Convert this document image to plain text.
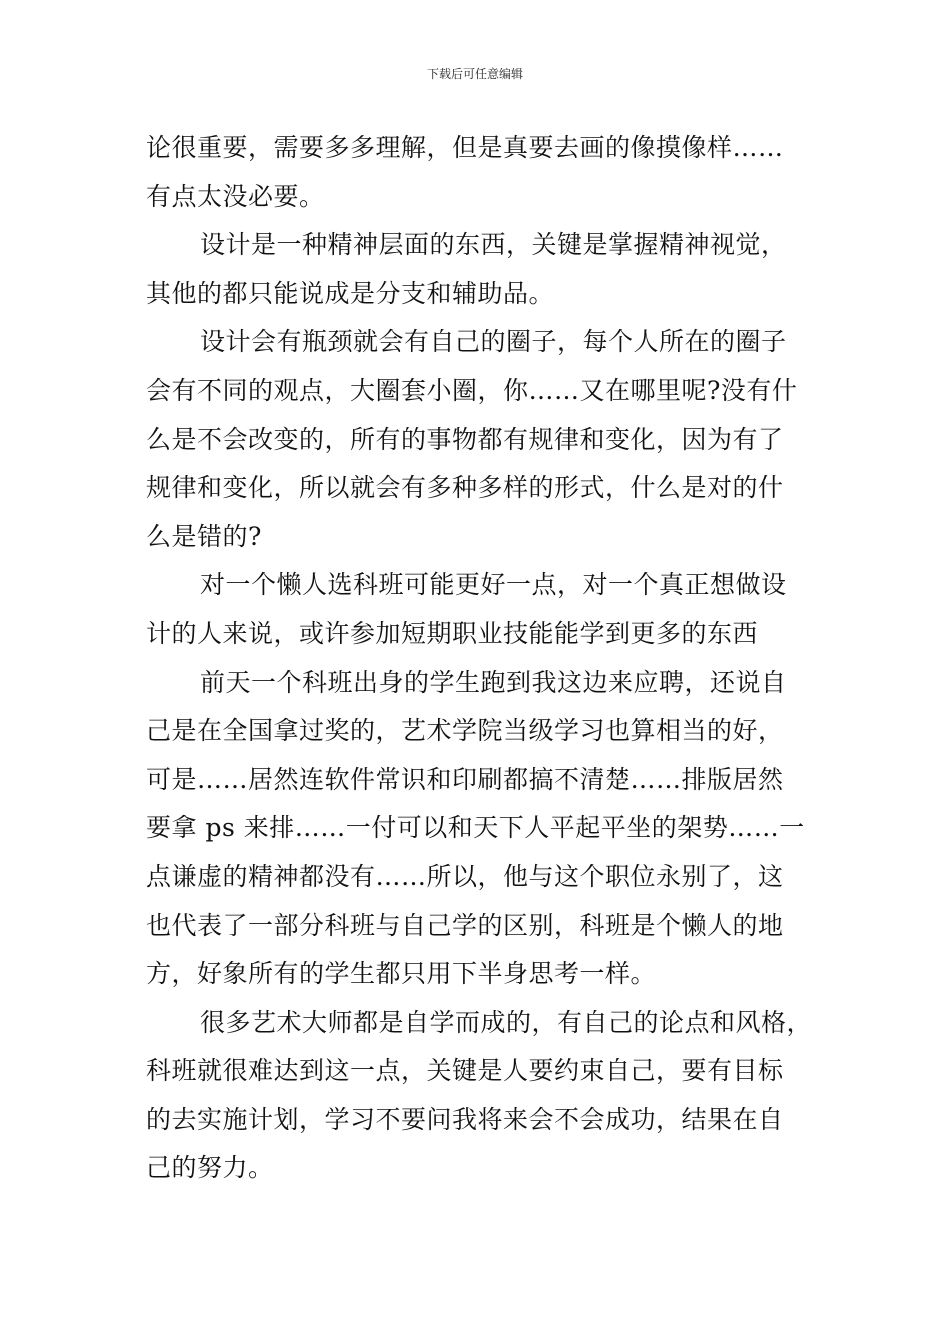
下载后可任意编辑
论很重要，需要多多理解，但是真要去画的像摸像样……
有点太没必要。
设计是一种精神层面的东西，关键是掌握精神视觉，
其他的都只能说成是分支和辅助品。
设计会有瓶颈就会有自己的圈子，每个人所在的圈子
会有不同的观点，大圈套小圈，你……又在哪里呢?没有什
么是不会改变的，所有的事物都有规律和变化，因为有了
规律和变化，所以就会有多种多样的形式，什么是对的什
么是错的?
对一个懒人选科班可能更好一点，对一个真正想做设
计的人来说，或许参加短期职业技能能学到更多的东西
前天一个科班出身的学生跑到我这边来应聘，还说自
己是在全国拿过奖的，艺术学院当级学习也算相当的好，
可是……居然连软件常识和印刷都搞不清楚……排版居然
要拿 ps 来排……一付可以和天下人平起平坐的架势……一
点谦虚的精神都没有……所以，他与这个职位永别了，这
也代表了一部分科班与自己学的区别，科班是个懒人的地
方，好象所有的学生都只用下半身思考一样。
很多艺术大师都是自学而成的，有自己的论点和风格，
科班就很难达到这一点，关键是人要约束自己，要有目标
的去实施计划，学习不要问我将来会不会成功，结果在自
己的努力。
